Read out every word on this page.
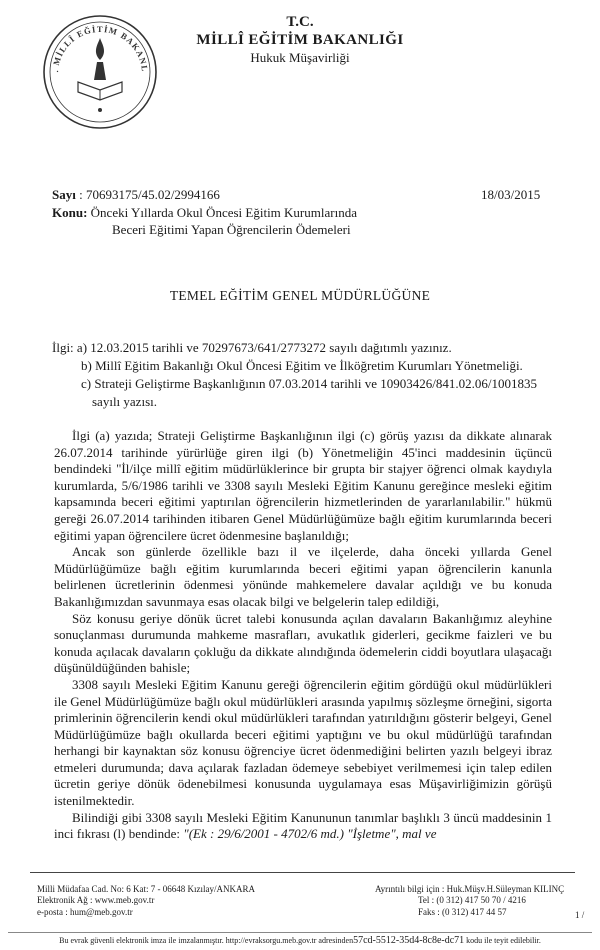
. MİLLÎ EĞİTİM BAKANL
T.C.
MİLLÎ EĞİTİM BAKANLIĞI
Hukuk Müşavirliği
Sayı : 70693175/45.02/2994166	18/03/2015
Konu: Önceki Yıllarda Okul Öncesi Eğitim Kurumlarında
Beceri Eğitimi Yapan Öğrencilerin Ödemeleri
TEMEL EĞİTİM GENEL MÜDÜRLÜĞÜNE
İlgi: a) 12.03.2015 tarihli ve 70297673/641/2773272 sayılı dağıtımlı yazınız.
b) Millî Eğitim Bakanlığı Okul Öncesi Eğitim ve İlköğretim Kurumları Yönetmeliği.
c) Strateji Geliştirme Başkanlığının 07.03.2014 tarihli ve 10903426/841.02.06/1001835
sayılı yazısı.

İlgi (a) yazıda; Strateji Geliştirme Başkanlığının ilgi (c) görüş yazısı da dikkate alınarak 26.07.2014 tarihinde yürürlüğe giren ilgi (b) Yönetmeliğin 45'inci maddesinin üçüncü bendindeki "İl/ilçe millî eğitim müdürlüklerince bir grupta bir stajyer öğrenci olmak kaydıyla kurumlarda, 5/6/1986 tarihli ve 3308 sayılı Mesleki Eğitim Kanunu gereğince mesleki eğitim kapsamında beceri eğitimi yaptırılan öğrencilerin hizmetlerinden de yararlanılabilir." hükmü gereği 26.07.2014 tarihinden itibaren Genel Müdürlüğümüze bağlı eğitim kurumlarında beceri eğitimi yapan öğrencilere ücret ödenmesine başlanıldığı;

Ancak son günlerde özellikle bazı il ve ilçelerde, daha önceki yıllarda Genel Müdürlüğümüze bağlı eğitim kurumlarında beceri eğitimi yapan öğrencilerin kanunla belirlenen ücretlerinin ödenmesi yönünde mahkemelere davalar açıldığı ve bu konuda Bakanlığımızdan savunmaya esas olacak bilgi ve belgelerin talep edildiği,

Söz konusu geriye dönük ücret talebi konusunda açılan davaların Bakanlığımız aleyhine sonuçlanması durumunda mahkeme masrafları, avukatlık giderleri, gecikme faizleri ve bu konuda açılacak davaların çokluğu da dikkate alındığında ödemelerin ciddi boyutlara ulaşacağı düşünüldüğünden bahisle;

3308 sayılı Mesleki Eğitim Kanunu gereği öğrencilerin eğitim gördüğü okul müdürlükleri ile Genel Müdürlüğümüze bağlı okul müdürlükleri arasında yapılmış sözleşme örneğini, sigorta primlerinin öğrencilerin kendi okul müdürlükleri tarafından yatırıldığını gösterir belgeyi, Genel Müdürlüğümüze bağlı okullarda beceri eğitimi yaptığını ve bu okul müdürlüğü tarafından herhangi bir kaynaktan söz konusu öğrenciye ücret ödenmediğini belirten yazılı belgeyi ibraz etmeleri durumunda; dava açılarak fazladan ödemeye sebebiyet verilmemesi için talep edilen ücretin geriye dönük ödenebilmesi konusunda uygulamaya esas Müşavirliğimizin görüşü istenilmektedir.

Bilindiği gibi 3308 sayılı Mesleki Eğitim Kanununun tanımlar başlıklı 3 üncü maddesinin 1 inci fıkrası (l) bendinde: "(Ek : 29/6/2001 - 4702/6 md.) "İşletme", mal ve

Milli Müdafaa Cad. No: 6 Kat: 7 - 06648 Kızılay/ANKARA
Elektronik Ağ : www.meb.gov.tr
e-posta : hum@meb.gov.tr
Ayrıntılı bilgi için : Huk.Müşv.H.Süleyman KILINÇ
Tel : (0 312) 417 50 70 / 4216
Faks : (0 312) 417 44 57	1 /
Bu evrak güvenli elektronik imza ile imzalanmıştır. http://evraksorgu.meb.gov.tr adresinden57cd-5512-35d4-8c8e-dc71 kodu ile teyit edilebilir.
